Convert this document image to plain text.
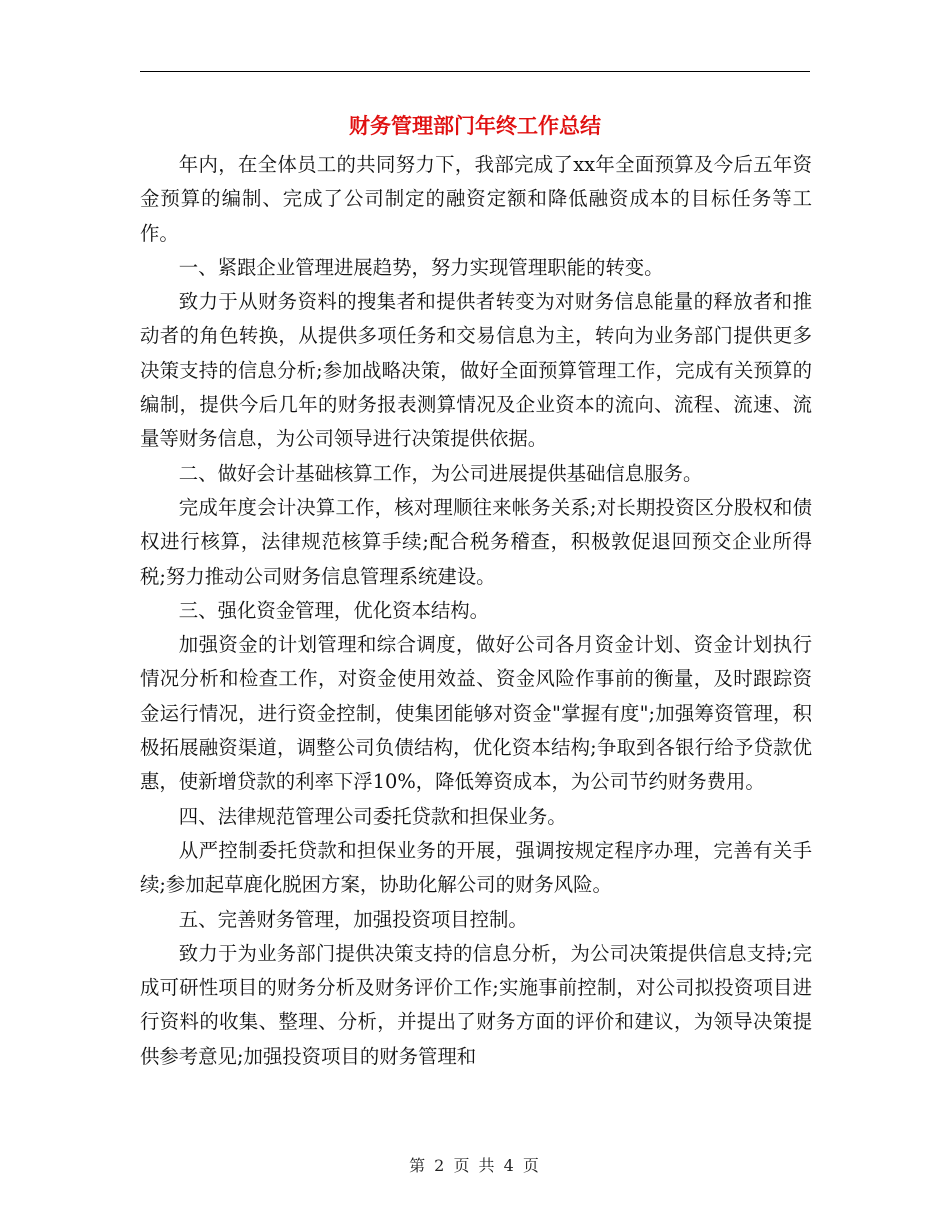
财务管理部门年终工作总结

年内，在全体员工的共同努力下，我部完成了xx年全面预算及今后五年资金预算的编制、完成了公司制定的融资定额和降低融资成本的目标任务等工作。

一、紧跟企业管理进展趋势，努力实现管理职能的转变。

致力于从财务资料的搜集者和提供者转变为对财务信息能量的释放者和推动者的角色转换，从提供多项任务和交易信息为主，转向为业务部门提供更多决策支持的信息分析;参加战略决策，做好全面预算管理工作，完成有关预算的编制，提供今后几年的财务报表测算情况及企业资本的流向、流程、流速、流量等财务信息，为公司领导进行决策提供依据。

二、做好会计基础核算工作，为公司进展提供基础信息服务。

完成年度会计决算工作，核对理顺往来帐务关系;对长期投资区分股权和债权进行核算，法律规范核算手续;配合税务稽查，积极敦促退回预交企业所得税;努力推动公司财务信息管理系统建设。

三、强化资金管理，优化资本结构。

加强资金的计划管理和综合调度，做好公司各月资金计划、资金计划执行情况分析和检查工作，对资金使用效益、资金风险作事前的衡量，及时跟踪资金运行情况，进行资金控制，使集团能够对资金"掌握有度";加强筹资管理，积极拓展融资渠道，调整公司负债结构，优化资本结构;争取到各银行给予贷款优惠，使新增贷款的利率下浮10%，降低筹资成本，为公司节约财务费用。

四、法律规范管理公司委托贷款和担保业务。

从严控制委托贷款和担保业务的开展，强调按规定程序办理，完善有关手续;参加起草鹿化脱困方案，协助化解公司的财务风险。

五、完善财务管理，加强投资项目控制。

致力于为业务部门提供决策支持的信息分析，为公司决策提供信息支持;完成可研性项目的财务分析及财务评价工作;实施事前控制，对公司拟投资项目进行资料的收集、整理、分析，并提出了财务方面的评价和建议，为领导决策提供参考意见;加强投资项目的财务管理和

第 2 页 共 4 页
